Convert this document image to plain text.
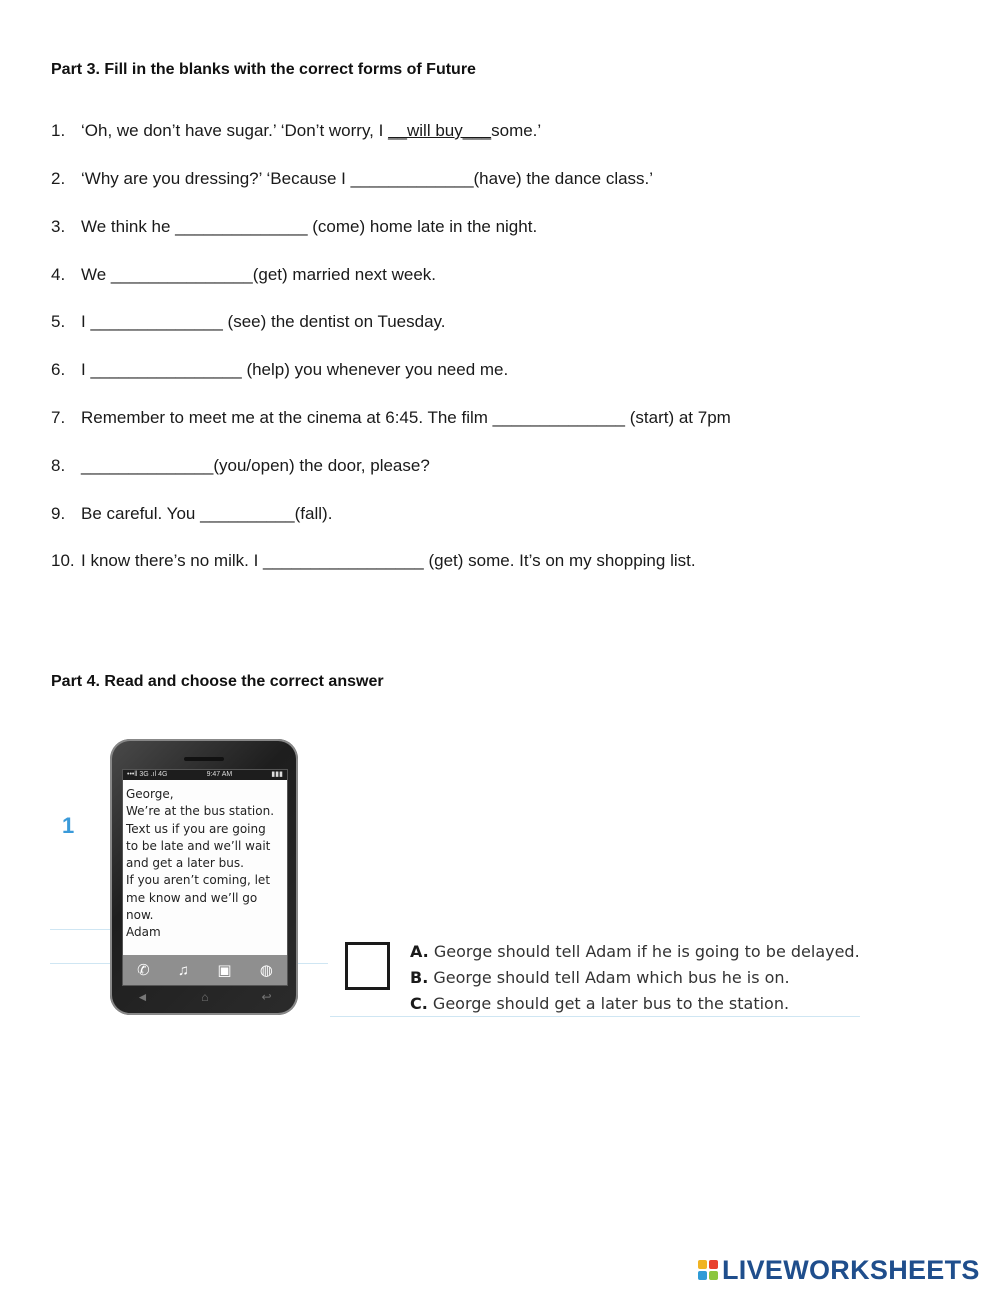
Part 3. Fill in the blanks with the correct forms of Future
1. ‘Oh, we don’t have sugar.’ ‘Don’t worry, I __will buy___some.’
2. ‘Why are you dressing?’ ‘Because I _____________(have) the dance class.’
3. We think he ______________ (come) home late in the night.
4. We _______________(get) married next week.
5. I ______________ (see) the dentist on Tuesday.
6. I ________________ (help) you whenever you need me.
7. Remember to meet me at the cinema at 6:45. The film ______________ (start) at 7pm
8. ______________(you/open) the door, please?
9. Be careful. You __________(fall).
10. I know there’s no milk. I _________________ (get) some. It’s on my shopping list.
Part 4. Read and choose the correct answer
1
•••ll 3G .ıl 4G	9:47 AM	▮▮▮
George,
We’re at the bus station.
Text us if you are going
to be late and we’ll wait
and get a later bus.
If you aren’t coming, let
me know and we’ll go
now.
Adam
✆ ♫ ▣ ◍
◄	⌂	↩
A. George should tell Adam if he is going to be delayed.
B. George should tell Adam which bus he is on.
C. George should get a later bus to the station.
LIVEWORKSHEETS
